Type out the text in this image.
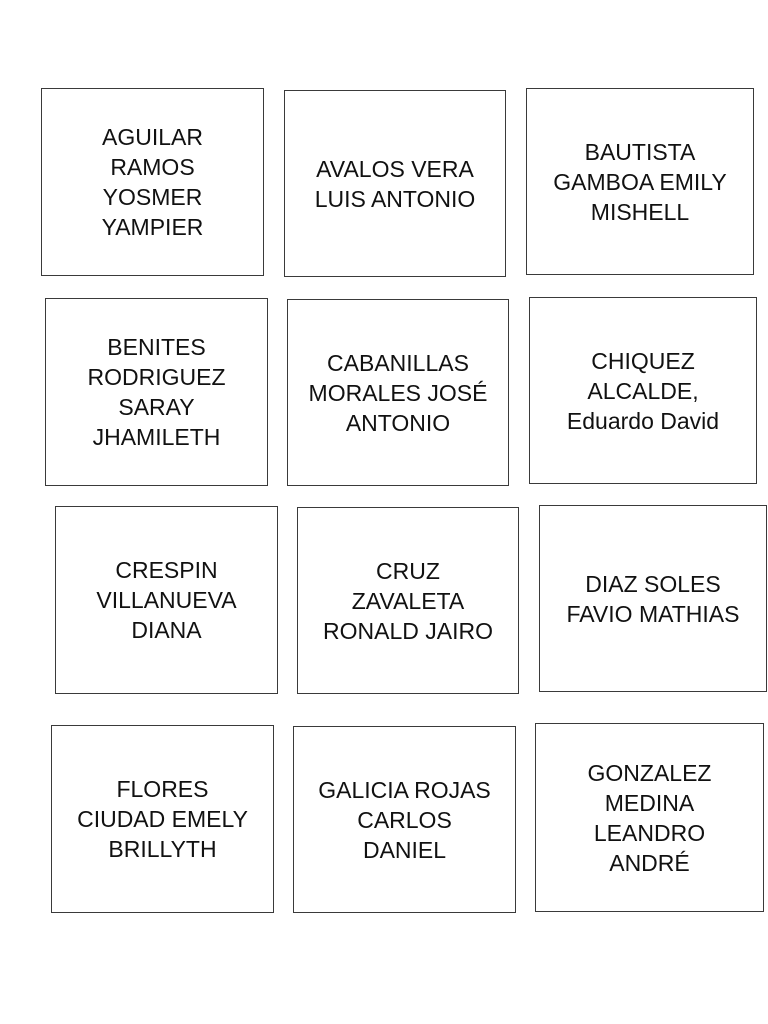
AGUILAR
RAMOS
YOSMER
YAMPIER
AVALOS VERA
LUIS ANTONIO
BAUTISTA
GAMBOA EMILY
MISHELL
BENITES
RODRIGUEZ
SARAY
JHAMILETH
CABANILLAS
MORALES JOSÉ
ANTONIO
CHIQUEZ
ALCALDE,
Eduardo David
CRESPIN
VILLANUEVA
DIANA
CRUZ
ZAVALETA
RONALD JAIRO
DIAZ SOLES
FAVIO MATHIAS
FLORES
CIUDAD EMELY
BRILLYTH
GALICIA ROJAS
CARLOS
DANIEL
GONZALEZ
MEDINA
LEANDRO
ANDRÉ
